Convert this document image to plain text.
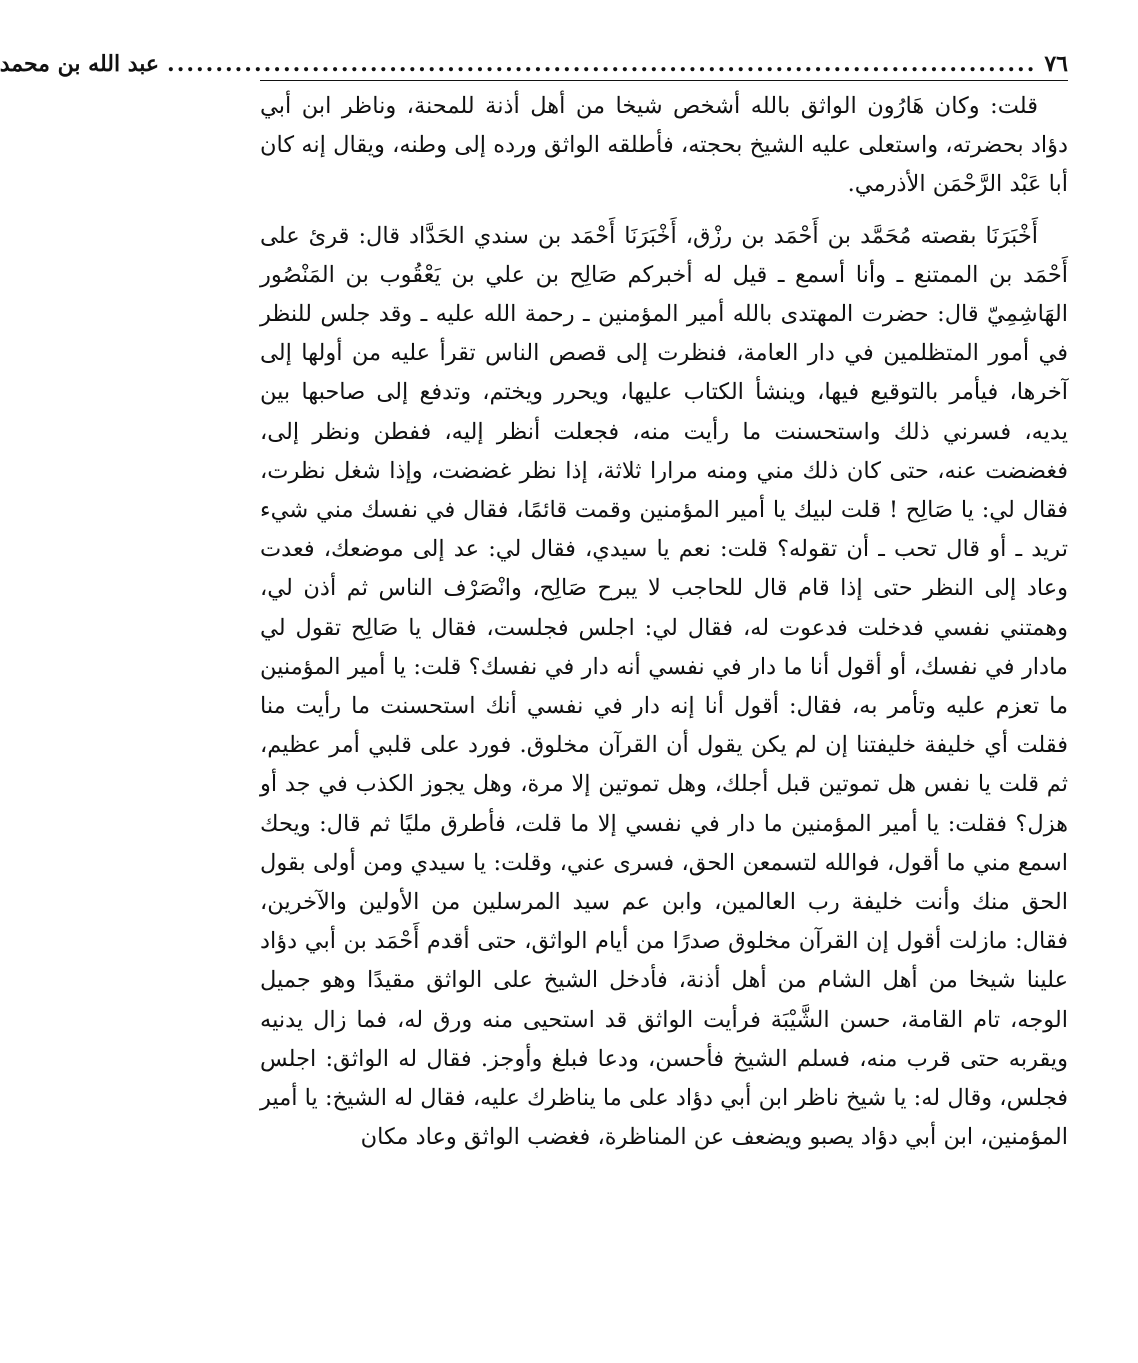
٧٦
..........................................................................................
عبد الله بن محمد

قلت: وكان هَارُون الواثق بالله أشخص شيخا من أهل أذنة للمحنة، وناظر ابن أبي دؤاد بحضرته، واستعلى عليه الشيخ بحجته، فأطلقه الواثق ورده إلى وطنه، ويقال إنه كان أبا عَبْد الرَّحْمَن الأذرمي.

أَخْبَرَنَا بقصته مُحَمَّد بن أَحْمَد بن رزْق، أَخْبَرَنَا أَحْمَد بن سندي الحَدَّاد قال: قرئ على أَحْمَد بن الممتنع ـ وأنا أسمع ـ قيل له أخبركم صَالِح بن علي بن يَعْقُوب بن المَنْصُور الهَاشِمِيّ قال: حضرت المهتدى بالله أمير المؤمنين ـ رحمة الله عليه ـ وقد جلس للنظر في أمور المتظلمين في دار العامة، فنظرت إلى قصص الناس تقرأ عليه من أولها إلى آخرها، فيأمر بالتوقيع فيها، وينشأ الكتاب عليها، ويحرر ويختم، وتدفع إلى صاحبها بين يديه، فسرني ذلك واستحسنت ما رأيت منه، فجعلت أنظر إليه، ففطن ونظر إلى، فغضضت عنه، حتى كان ذلك مني ومنه مرارا ثلاثة، إذا نظر غضضت، وإذا شغل نظرت، فقال لي: يا صَالِح ! قلت لبيك يا أمير المؤمنين وقمت قائمًا، فقال في نفسك مني شيء تريد ـ أو قال تحب ـ أن تقوله؟ قلت: نعم يا سيدي، فقال لي: عد إلى موضعك، فعدت وعاد إلى النظر حتى إذا قام قال للحاجب لا يبرح صَالِح، وانْصَرْف الناس ثم أذن لي، وهمتني نفسي فدخلت فدعوت له، فقال لي: اجلس فجلست، فقال يا صَالِح تقول لي مادار في نفسك، أو أقول أنا ما دار في نفسي أنه دار في نفسك؟ قلت: يا أمير المؤمنين ما تعزم عليه وتأمر به، فقال: أقول أنا إنه دار في نفسي أنك استحسنت ما رأيت منا فقلت أي خليفة خليفتنا إن لم يكن يقول أن القرآن مخلوق. فورد على قلبي أمر عظيم، ثم قلت يا نفس هل تموتين قبل أجلك، وهل تموتين إلا مرة، وهل يجوز الكذب في جد أو هزل؟ فقلت: يا أمير المؤمنين ما دار في نفسي إلا ما قلت، فأطرق مليًا ثم قال: ويحك اسمع مني ما أقول، فوالله لتسمعن الحق، فسرى عني، وقلت: يا سيدي ومن أولى بقول الحق منك وأنت خليفة رب العالمين، وابن عم سيد المرسلين من الأولين والآخرين، فقال: مازلت أقول إن القرآن مخلوق صدرًا من أيام الواثق، حتى أقدم أَحْمَد بن أبي دؤاد علينا شيخا من أهل الشام من أهل أذنة، فأدخل الشيخ على الواثق مقيدًا وهو جميل الوجه، تام القامة، حسن الشَّيْبَة فرأيت الواثق قد استحيى منه ورق له، فما زال يدنيه ويقربه حتى قرب منه، فسلم الشيخ فأحسن، ودعا فبلغ وأوجز. فقال له الواثق: اجلس فجلس، وقال له: يا شيخ ناظر ابن أبي دؤاد على ما يناظرك عليه، فقال له الشيخ: يا أمير المؤمنين، ابن أبي دؤاد يصبو ويضعف عن المناظرة، فغضب الواثق وعاد مكان
